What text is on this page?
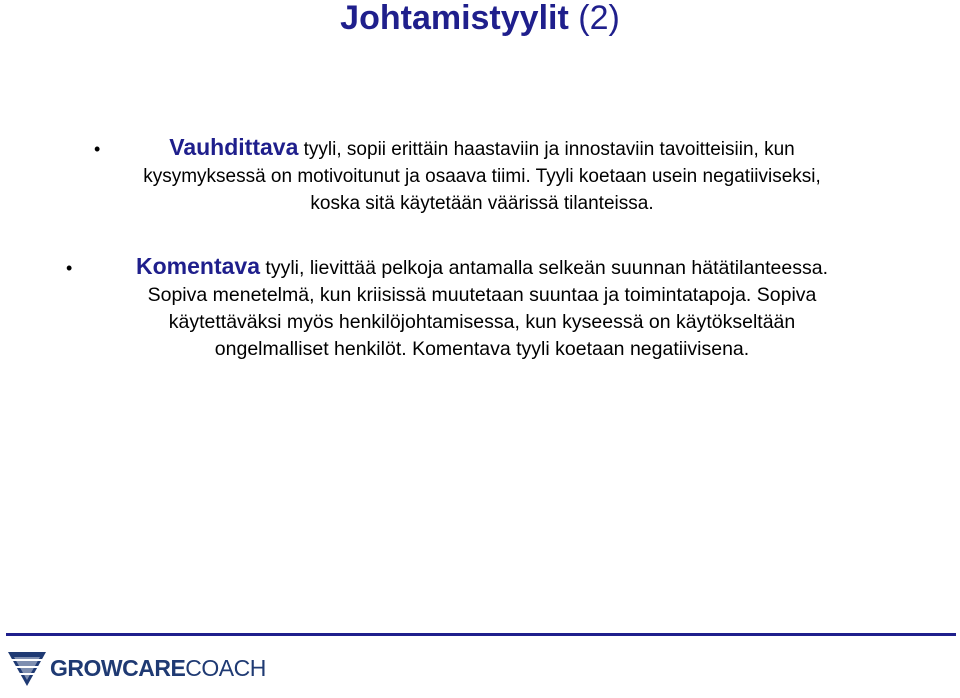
Johtamistyylit (2)
•	Vauhdittava tyyli, sopii erittäin haastaviin ja innostaviin tavoitteisiin, kun
kysymyksessä on motivoitunut ja osaava tiimi. Tyyli koetaan usein negatiiviseksi,
koska sitä käytetään väärissä tilanteissa.
•	Komentava tyyli, lievittää pelkoja antamalla selkeän suunnan hätätilanteessa.
Sopiva menetelmä, kun kriisissä muutetaan suuntaa ja toimintatapoja. Sopiva
käytettäväksi myös henkilöjohtamisessa, kun kyseessä on käytökseltään
ongelmalliset henkilöt. Komentava tyyli koetaan negatiivisena.
GROWCARECOACH
